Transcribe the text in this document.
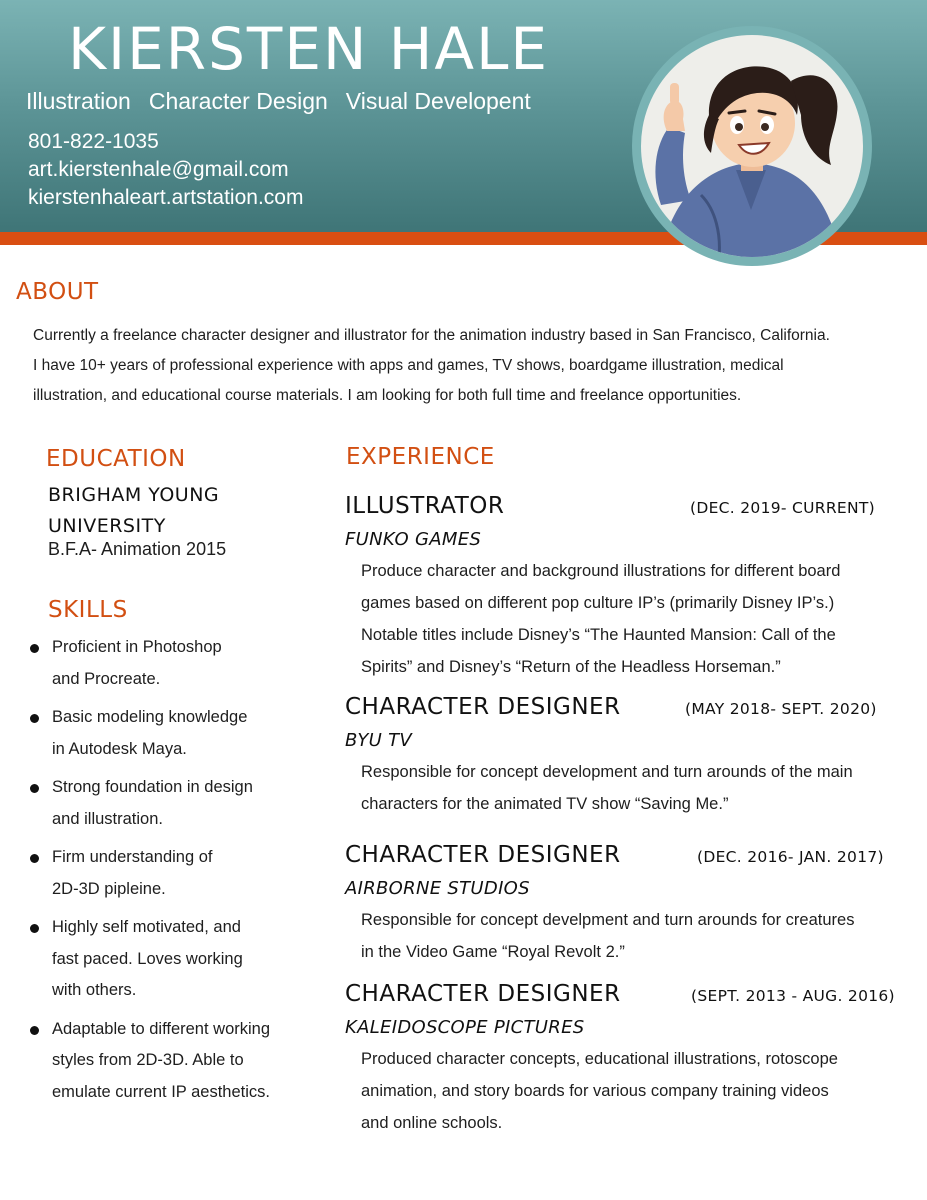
KIERSTEN HALE
Illustration Character Design Visual Developent
801-822-1035
art.kierstenhale@gmail.com
kierstenhaleart.artstation.com
ABOUT

Currently a freelance character designer and illustrator for the animation industry based in San Francisco, California.

I have 10+ years of professional experience with apps and games, TV shows, boardgame illustration, medical

illustration, and educational course materials. I am looking for both full time and freelance opportunities.

EDUCATION
BRIGHAM YOUNG
UNIVERSITY
B.F.A- Animation 2015
SKILLS
Proficient in Photoshop
and Procreate.
Basic modeling knowledge
in Autodesk Maya.
Strong foundation in design
and illustration.
Firm understanding of
2D-3D pipleine.
Highly self motivated, and
fast paced. Loves working
with others.
Adaptable to different working
styles from 2D-3D. Able to
emulate current IP aesthetics.
EXPERIENCE
ILLUSTRATOR	(DEC. 2019- CURRENT)
FUNKO GAMES

Produce character and background illustrations for different board

games based on different pop culture IP’s (primarily Disney IP’s.)

Notable titles include Disney’s “The Haunted Mansion: Call of the

Spirits” and Disney’s “Return of the Headless Horseman.”

CHARACTER DESIGNER	(MAY 2018- SEPT. 2020)
BYU TV

Responsible for concept development and turn arounds of the main

characters for the animated TV show “Saving Me.”

CHARACTER DESIGNER	(DEC. 2016- JAN. 2017)
AIRBORNE STUDIOS

Responsible for concept develpment and turn arounds for creatures

in the Video Game “Royal Revolt 2.”

CHARACTER DESIGNER	(SEPT. 2013 - AUG. 2016)
KALEIDOSCOPE PICTURES

Produced character concepts, educational illustrations, rotoscope

animation, and story boards for various company training videos

and online schools.
